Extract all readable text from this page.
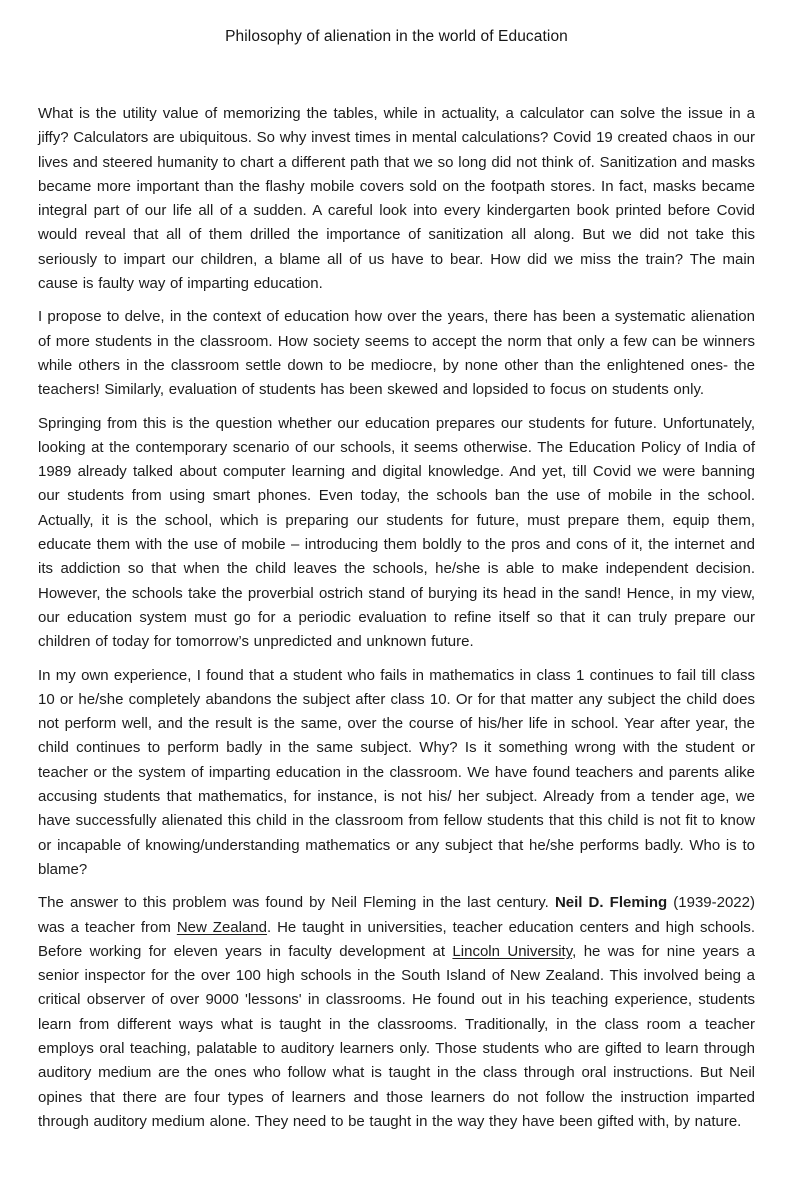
Philosophy of alienation in the world of Education

What is the utility value of memorizing the tables, while in actuality, a calculator can solve the issue in a jiffy? Calculators are ubiquitous. So why invest times in mental calculations? Covid 19 created chaos in our lives and steered humanity to chart a different path that we so long did not think of. Sanitization and masks became more important than the flashy mobile covers sold on the footpath stores. In fact, masks became integral part of our life all of a sudden. A careful look into every kindergarten book printed before Covid would reveal that all of them drilled the importance of sanitization all along. But we did not take this seriously to impart our children, a blame all of us have to bear. How did we miss the train? The main cause is faulty way of imparting education.

I propose to delve, in the context of education how over the years, there has been a systematic alienation of more students in the classroom. How society seems to accept the norm that only a few can be winners while others in the classroom settle down to be mediocre, by none other than the enlightened ones- the teachers! Similarly, evaluation of students has been skewed and lopsided to focus on students only.

Springing from this is the question whether our education prepares our students for future. Unfortunately, looking at the contemporary scenario of our schools, it seems otherwise. The Education Policy of India of 1989 already talked about computer learning and digital knowledge. And yet, till Covid we were banning our students from using smart phones. Even today, the schools ban the use of mobile in the school. Actually, it is the school, which is preparing our students for future, must prepare them, equip them, educate them with the use of mobile – introducing them boldly to the pros and cons of it, the internet and its addiction so that when the child leaves the schools, he/she is able to make independent decision. However, the schools take the proverbial ostrich stand of burying its head in the sand! Hence, in my view, our education system must go for a periodic evaluation to refine itself so that it can truly prepare our children of today for tomorrow’s unpredicted and unknown future.

In my own experience, I found that a student who fails in mathematics in class 1 continues to fail till class 10 or he/she completely abandons the subject after class 10. Or for that matter any subject the child does not perform well, and the result is the same, over the course of his/her life in school. Year after year, the child continues to perform badly in the same subject. Why? Is it something wrong with the student or teacher or the system of imparting education in the classroom. We have found teachers and parents alike accusing students that mathematics, for instance, is not his/ her subject. Already from a tender age, we have successfully alienated this child in the classroom from fellow students that this child is not fit to know or incapable of knowing/understanding mathematics or any subject that he/she performs badly. Who is to blame?

The answer to this problem was found by Neil Fleming in the last century. Neil D. Fleming (1939-2022) was a teacher from New Zealand. He taught in universities, teacher education centers and high schools. Before working for eleven years in faculty development at Lincoln University, he was for nine years a senior inspector for the over 100 high schools in the South Island of New Zealand. This involved being a critical observer of over 9000 'lessons' in classrooms. He found out in his teaching experience, students learn from different ways what is taught in the classrooms. Traditionally, in the class room a teacher employs oral teaching, palatable to auditory learners only. Those students who are gifted to learn through auditory medium are the ones who follow what is taught in the class through oral instructions. But Neil opines that there are four types of learners and those learners do not follow the instruction imparted through auditory medium alone. They need to be taught in the way they have been gifted with, by nature.
